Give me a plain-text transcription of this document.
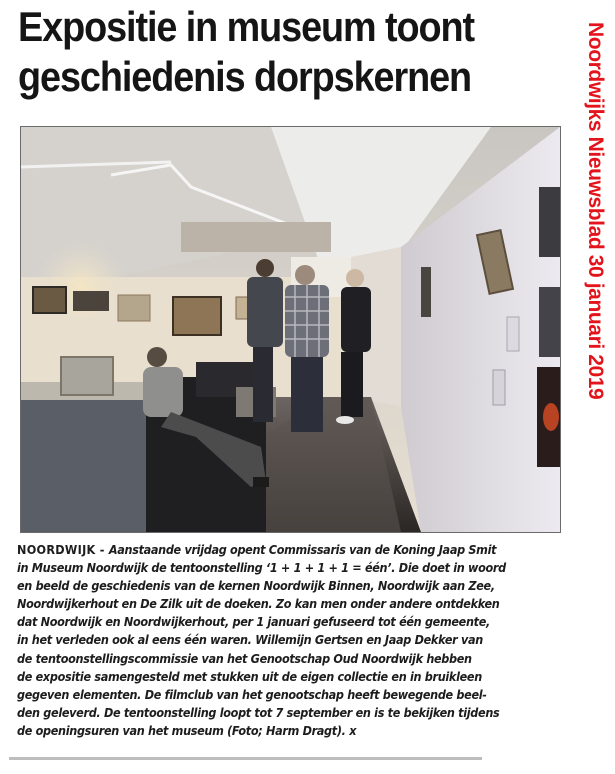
Expositie in museum toont
geschiedenis dorpskernen	Noordwijks Nieuwsblad 30 januari 2019
NOORDWIJK - Aanstaande vrijdag opent Commissaris van de Koning Jaap Smit
in Museum Noordwijk de tentoonstelling ‘1 + 1 + 1 + 1 = één’. Die doet in woord
en beeld de geschiedenis van de kernen Noordwijk Binnen, Noordwijk aan Zee,
Noordwijkerhout en De Zilk uit de doeken. Zo kan men onder andere ontdekken
dat Noordwijk en Noordwijkerhout, per 1 januari gefuseerd tot één gemeente,
in het verleden ook al eens één waren. Willemijn Gertsen en Jaap Dekker van
de tentoonstellingscommissie van het Genootschap Oud Noordwijk hebben
de expositie samengesteld met stukken uit de eigen collectie en in bruikleen
gegeven elementen. De filmclub van het genootschap heeft bewegende beel-
den geleverd. De tentoonstelling loopt tot 7 september en is te bekijken tijdens
de openingsuren van het museum (Foto; Harm Dragt). x
